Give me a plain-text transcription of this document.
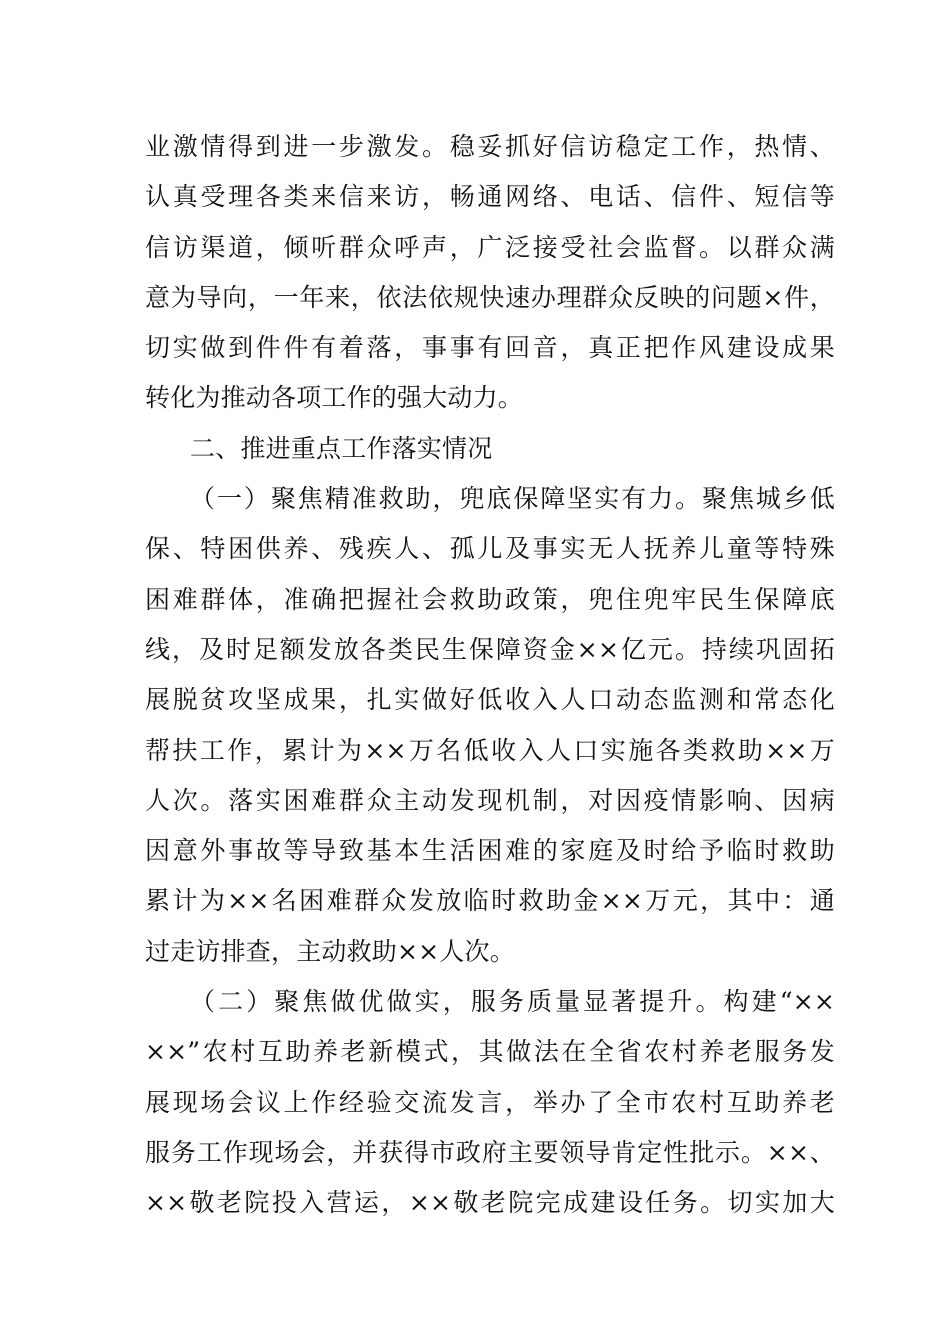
业激情得到进一步激发。稳妥抓好信访稳定工作，热情、
认真受理各类来信来访，畅通网络、电话、信件、短信等
信访渠道，倾听群众呼声，广泛接受社会监督。以群众满
意为导向，一年来，依法依规快速办理群众反映的问题×件，
切实做到件件有着落，事事有回音，真正把作风建设成果
转化为推动各项工作的强大动力。
二、推进重点工作落实情况
（一）聚焦精准救助，兜底保障坚实有力。聚焦城乡低
保、特困供养、残疾人、孤儿及事实无人抚养儿童等特殊
困难群体，准确把握社会救助政策，兜住兜牢民生保障底
线，及时足额发放各类民生保障资金××亿元。持续巩固拓
展脱贫攻坚成果，扎实做好低收入人口动态监测和常态化
帮扶工作，累计为××万名低收入人口实施各类救助××万
人次。落实困难群众主动发现机制，对因疫情影响、因病
因意外事故等导致基本生活困难的家庭及时给予临时救助
累计为××名困难群众发放临时救助金××万元，其中：通
过走访排查，主动救助××人次。
（二）聚焦做优做实，服务质量显著提升。构建“××
××”农村互助养老新模式，其做法在全省农村养老服务发
展现场会议上作经验交流发言，举办了全市农村互助养老
服务工作现场会，并获得市政府主要领导肯定性批示。××、
××敬老院投入营运，××敬老院完成建设任务。切实加大
